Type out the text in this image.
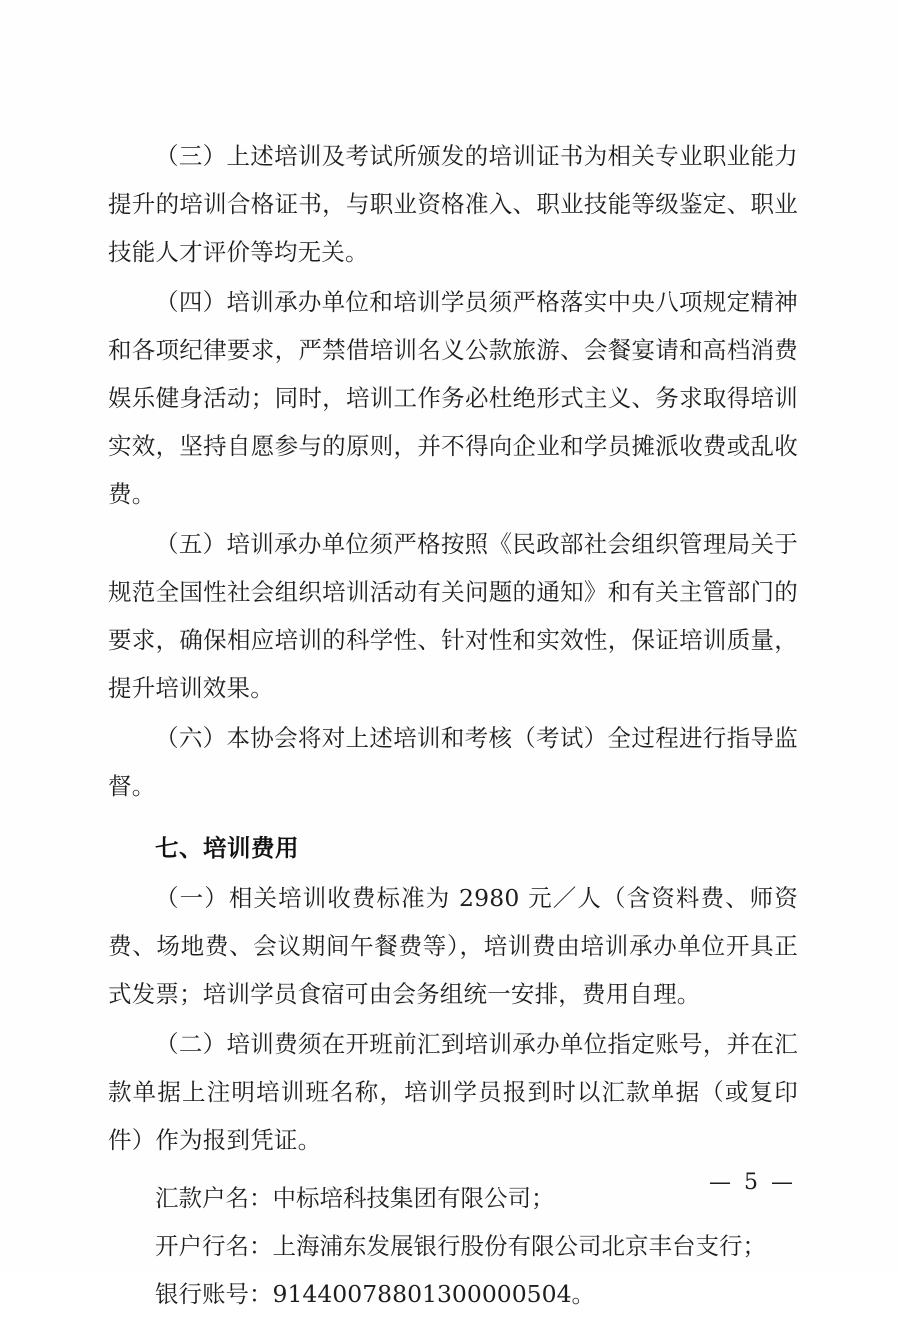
（三）上述培训及考试所颁发的培训证书为相关专业职业能力提升的培训合格证书，与职业资格准入、职业技能等级鉴定、职业技能人才评价等均无关。

（四）培训承办单位和培训学员须严格落实中央八项规定精神和各项纪律要求，严禁借培训名义公款旅游、会餐宴请和高档消费娱乐健身活动；同时，培训工作务必杜绝形式主义、务求取得培训实效，坚持自愿参与的原则，并不得向企业和学员摊派收费或乱收费。

（五）培训承办单位须严格按照《民政部社会组织管理局关于规范全国性社会组织培训活动有关问题的通知》和有关主管部门的要求，确保相应培训的科学性、针对性和实效性，保证培训质量，提升培训效果。

（六）本协会将对上述培训和考核（考试）全过程进行指导监督。

七、培训费用

（一）相关培训收费标准为 2980 元／人（含资料费、师资费、场地费、会议期间午餐费等），培训费由培训承办单位开具正式发票；培训学员食宿可由会务组统一安排，费用自理。

（二）培训费须在开班前汇到培训承办单位指定账号，并在汇款单据上注明培训班名称，培训学员报到时以汇款单据（或复印件）作为报到凭证。

汇款户名：中标培科技集团有限公司；

开户行名：上海浦东发展银行股份有限公司北京丰台支行；

银行账号：91440078801300000504。

— 5 —
